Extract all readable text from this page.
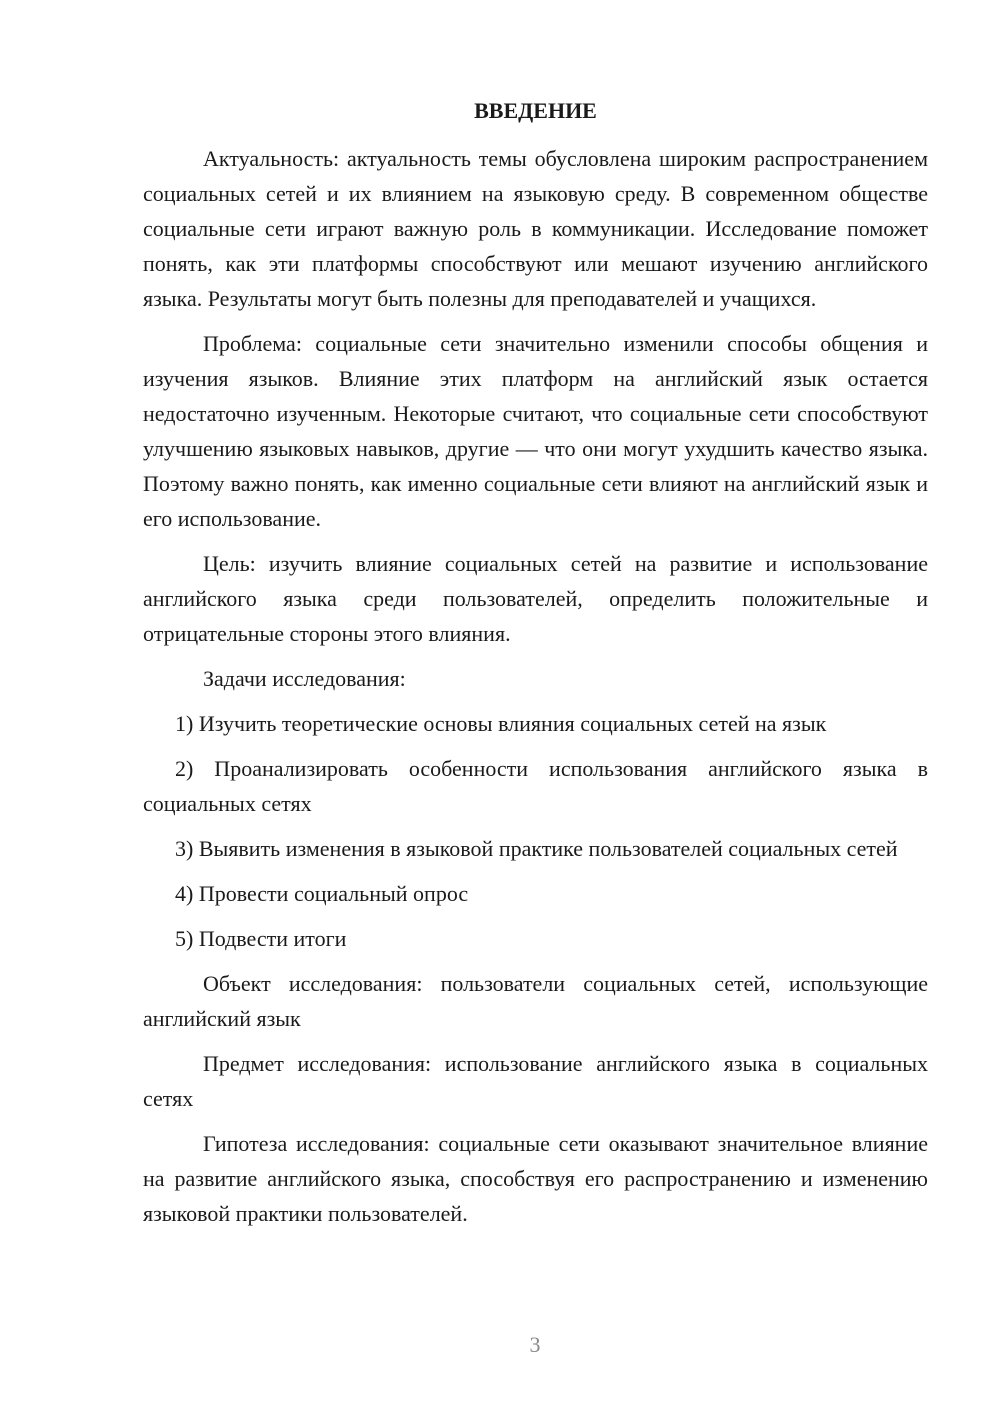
ВВЕДЕНИЕ

Актуальность: актуальность темы обусловлена широким распространением социальных сетей и их влиянием на языковую среду. В современном обществе социальные сети играют важную роль в коммуникации. Исследование поможет понять, как эти платформы способствуют или мешают изучению английского языка. Результаты могут быть полезны для преподавателей и учащихся.

Проблема: социальные сети значительно изменили способы общения и изучения языков. Влияние этих платформ на английский язык остается недостаточно изученным. Некоторые считают, что социальные сети способствуют улучшению языковых навыков, другие — что они могут ухудшить качество языка. Поэтому важно понять, как именно социальные сети влияют на английский язык и его использование.

Цель: изучить влияние социальных сетей на развитие и использование английского языка среди пользователей, определить положительные и отрицательные стороны этого влияния.

Задачи исследования:

1) Изучить теоретические основы влияния социальных сетей на язык

2) Проанализировать особенности использования английского языка в социальных сетях

3) Выявить изменения в языковой практике пользователей социальных сетей

4) Провести социальный опрос

5) Подвести итоги

Объект исследования: пользователи социальных сетей, использующие английский язык

Предмет исследования: использование английского языка в социальных сетях

Гипотеза исследования: социальные сети оказывают значительное влияние на развитие английского языка, способствуя его распространению и изменению языковой практики пользователей.

3
